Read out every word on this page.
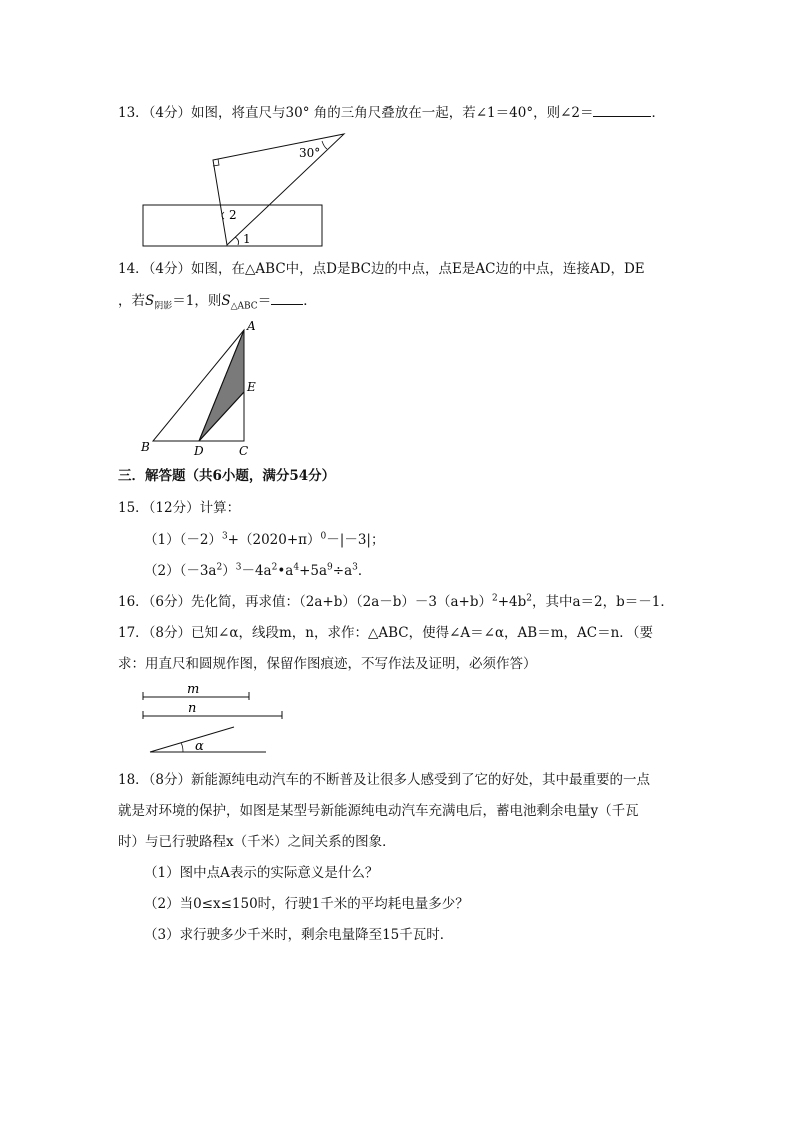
13．（4分）如图，将直尺与30° 角的三角尺叠放在一起，若∠1＝40°，则∠2＝	．
30°
2
1
14．（4分）如图，在△ABC中，点D是BC边的中点，点E是AC边的中点，连接AD，DE
，若$S_{阴影}=1$，则$S_{\triangle ABC}=$ ．
A
E
B	D	C
三．解答题（共6小题，满分54分）
15．（12分）计算：
$(1)(-2)^3+(2020+\pi)^0-|-3|$；
$(2)(-3a^2)^3-4a^2•a^4+5a^9\div a^3$．
16．（6分）先化简，再求值：$(2a+b)(2a-b)-3(a+b)^2+4b^2$，其中a＝2，b＝－1．
17．（8分）已知∠α，线段m，n，求作：△ABC，使得∠A＝∠α，AB＝m，AC＝n．（要
求：用直尺和圆规作图，保留作图痕迹，不写作法及证明，必须作答）
m
n
α
18．（8分）新能源纯电动汽车的不断普及让很多人感受到了它的好处，其中最重要的一点
就是对环境的保护，如图是某型号新能源纯电动汽车充满电后，蓄电池剩余电量y（千瓦
时）与已行驶路程x（千米）之间关系的图象．
（1）图中点A表示的实际意义是什么？
（2）当0≤x≤150时，行驶1千米的平均耗电量多少？
（3）求行驶多少千米时，剩余电量降至15千瓦时．
